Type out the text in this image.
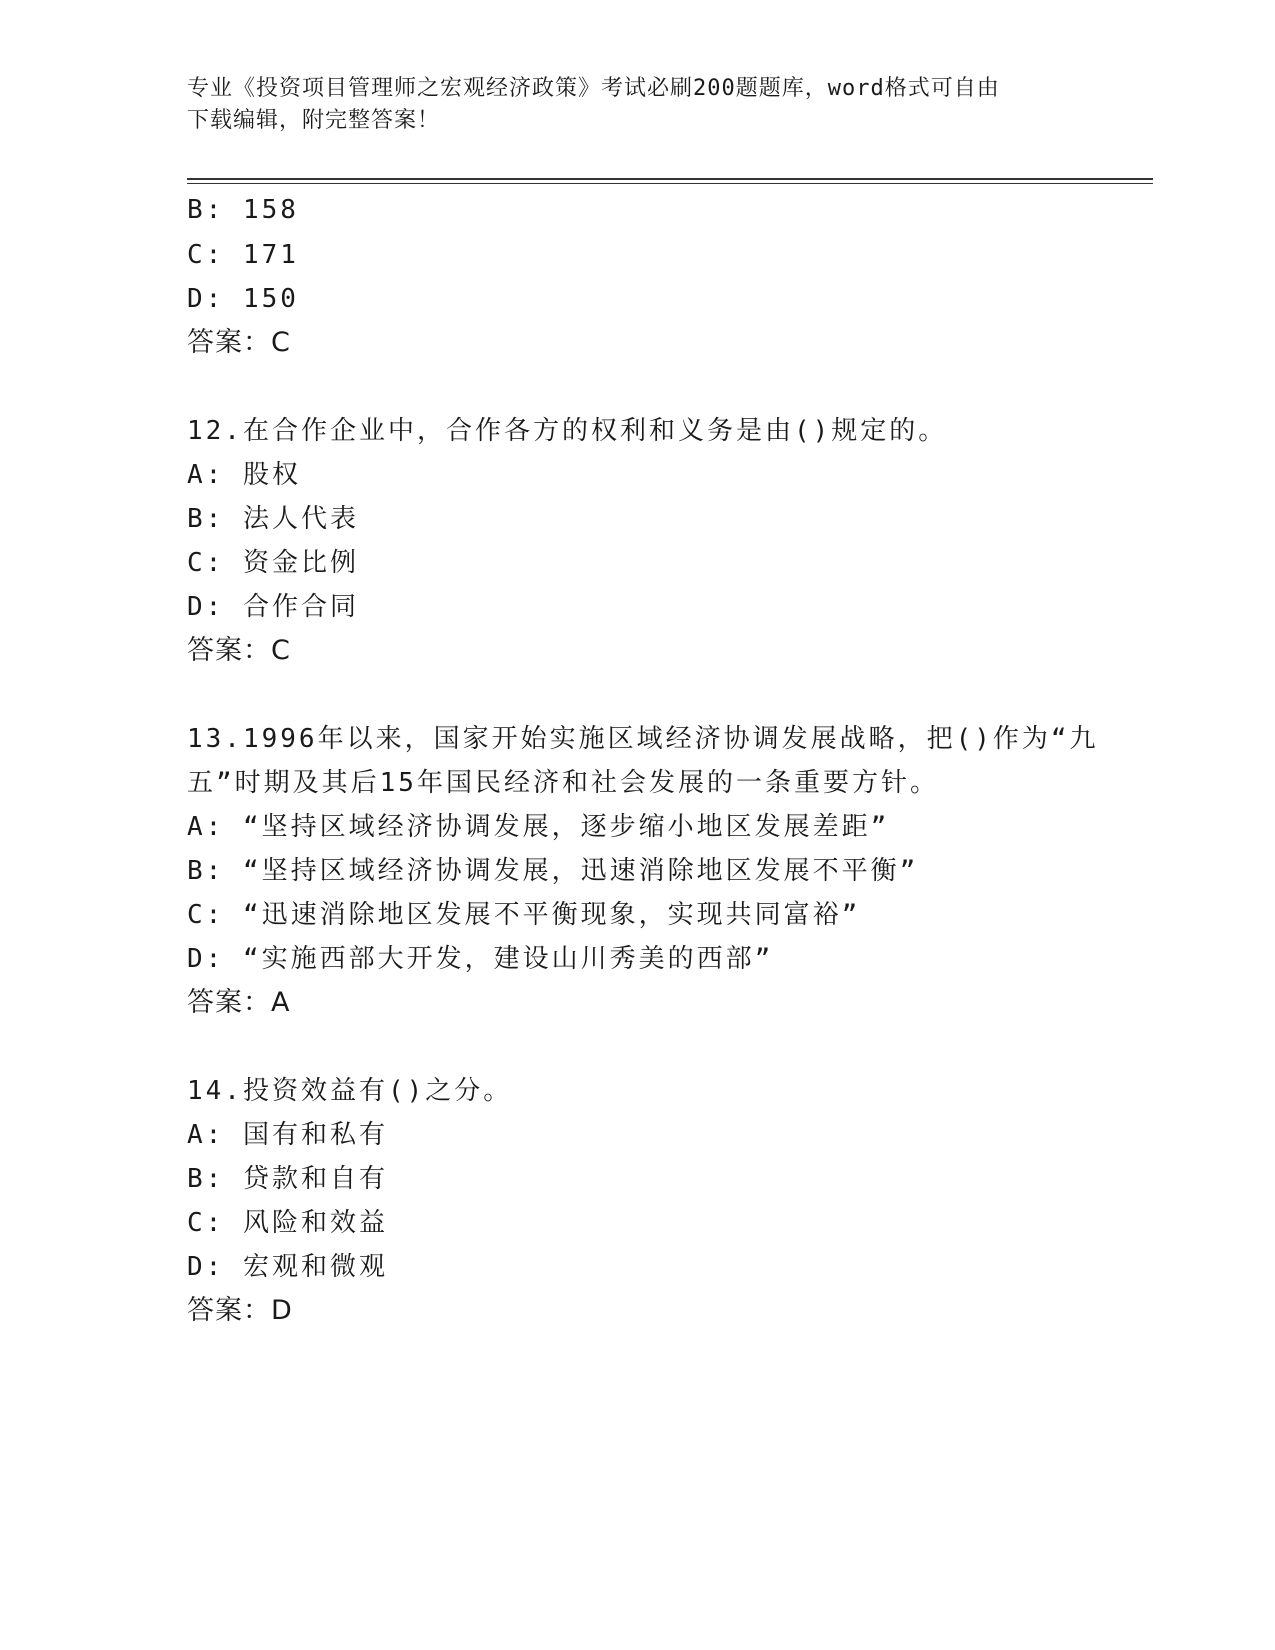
专业《投资项目管理师之宏观经济政策》考试必刷200题题库，word格式可自由
下载编辑，附完整答案！
B: 158
C: 171
D: 150
答案：C
12.在合作企业中，合作各方的权利和义务是由()规定的。
A: 股权
B: 法人代表
C: 资金比例
D: 合作合同
答案：C
13.1996年以来，国家开始实施区域经济协调发展战略，把()作为“九
五”时期及其后15年国民经济和社会发展的一条重要方针。
A: “坚持区域经济协调发展，逐步缩小地区发展差距”
B: “坚持区域经济协调发展，迅速消除地区发展不平衡”
C: “迅速消除地区发展不平衡现象，实现共同富裕”
D: “实施西部大开发，建设山川秀美的西部”
答案：A
14.投资效益有()之分。
A: 国有和私有
B: 贷款和自有
C: 风险和效益
D: 宏观和微观
答案：D
